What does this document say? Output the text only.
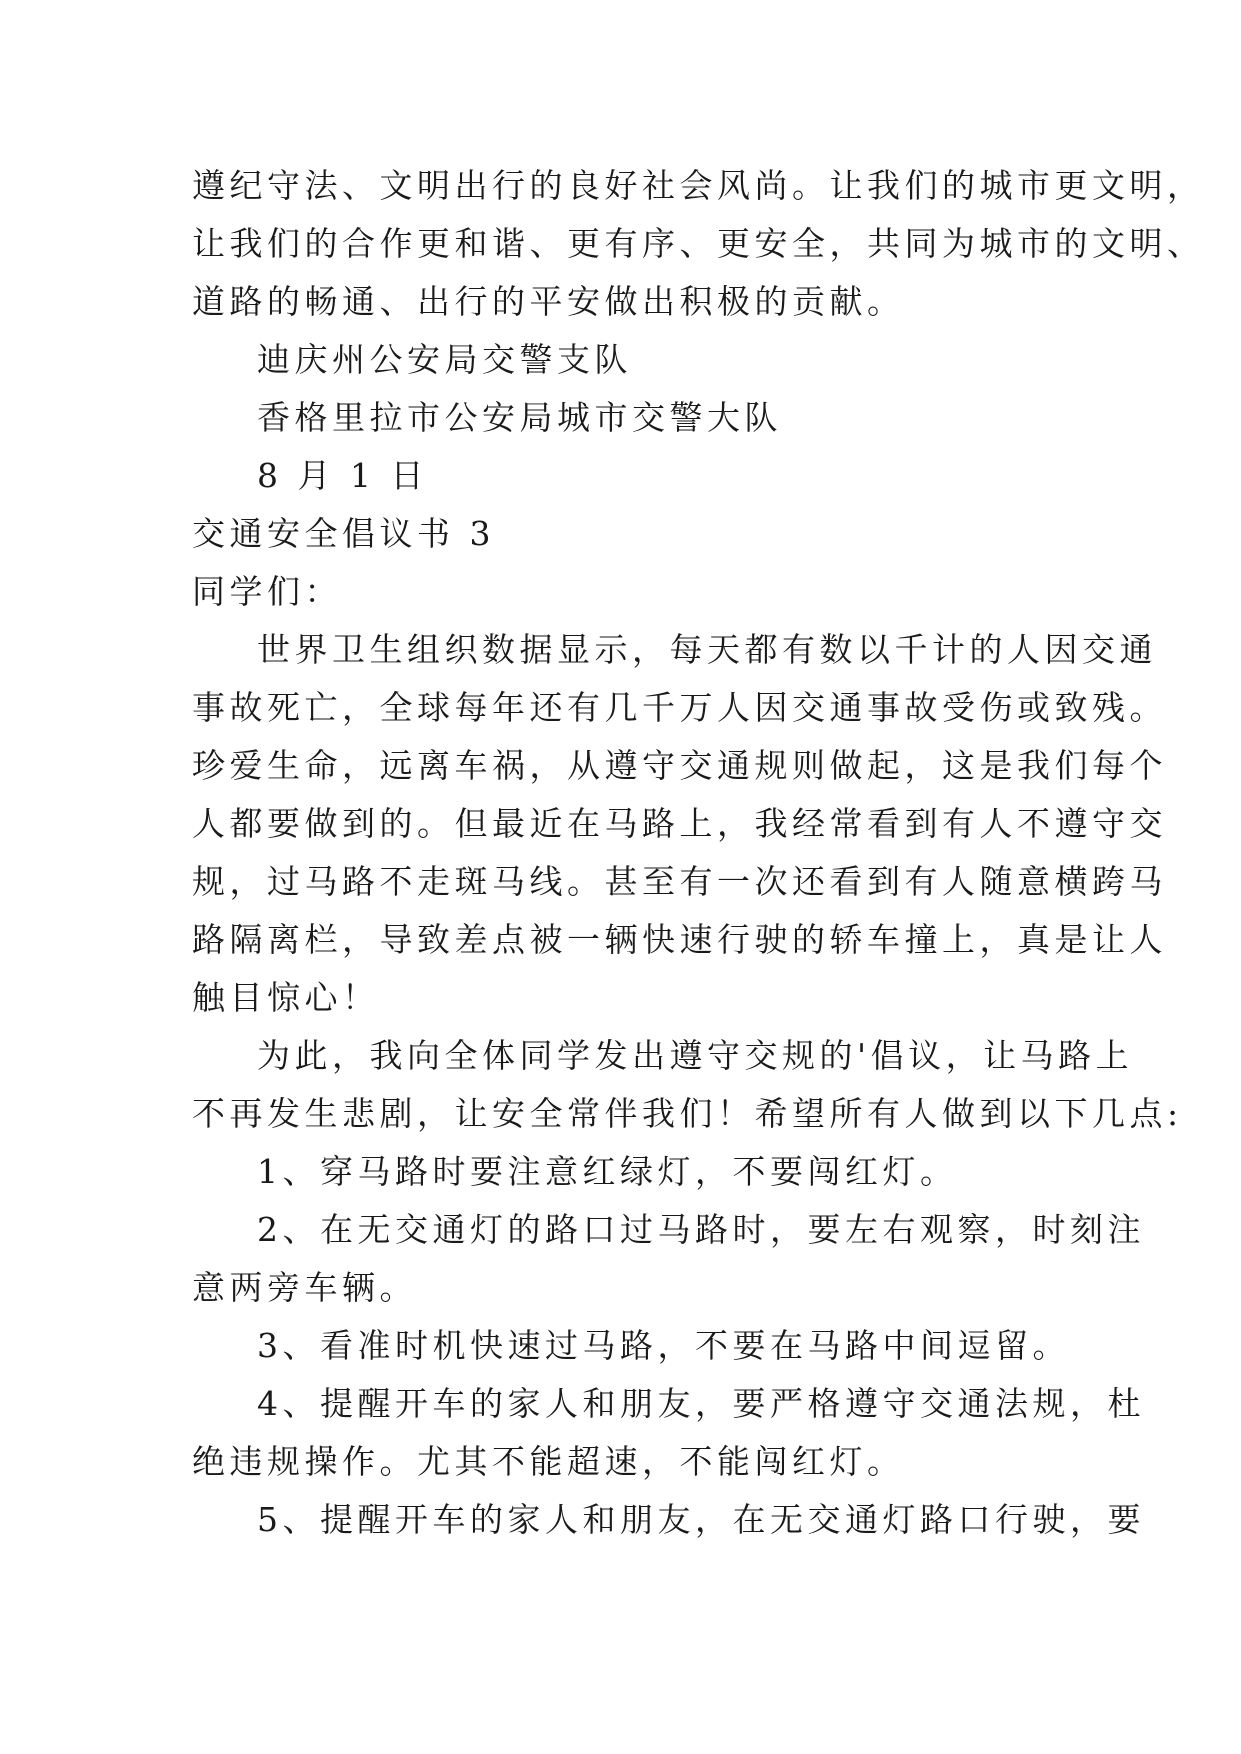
遵纪守法、文明出行的良好社会风尚。让我们的城市更文明，
让我们的合作更和谐、更有序、更安全，共同为城市的文明、
道路的畅通、出行的平安做出积极的贡献。
迪庆州公安局交警支队
香格里拉市公安局城市交警大队
8 月 1 日
交通安全倡议书 3
同学们：
世界卫生组织数据显示，每天都有数以千计的人因交通
事故死亡，全球每年还有几千万人因交通事故受伤或致残。
珍爱生命，远离车祸，从遵守交通规则做起，这是我们每个
人都要做到的。但最近在马路上，我经常看到有人不遵守交
规，过马路不走斑马线。甚至有一次还看到有人随意横跨马
路隔离栏，导致差点被一辆快速行驶的轿车撞上，真是让人
触目惊心！
为此，我向全体同学发出遵守交规的'倡议，让马路上
不再发生悲剧，让安全常伴我们！希望所有人做到以下几点:
1、穿马路时要注意红绿灯，不要闯红灯。
2、在无交通灯的路口过马路时，要左右观察，时刻注
意两旁车辆。
3、看准时机快速过马路，不要在马路中间逗留。
4、提醒开车的家人和朋友，要严格遵守交通法规，杜
绝违规操作。尤其不能超速，不能闯红灯。
5、提醒开车的家人和朋友，在无交通灯路口行驶，要
